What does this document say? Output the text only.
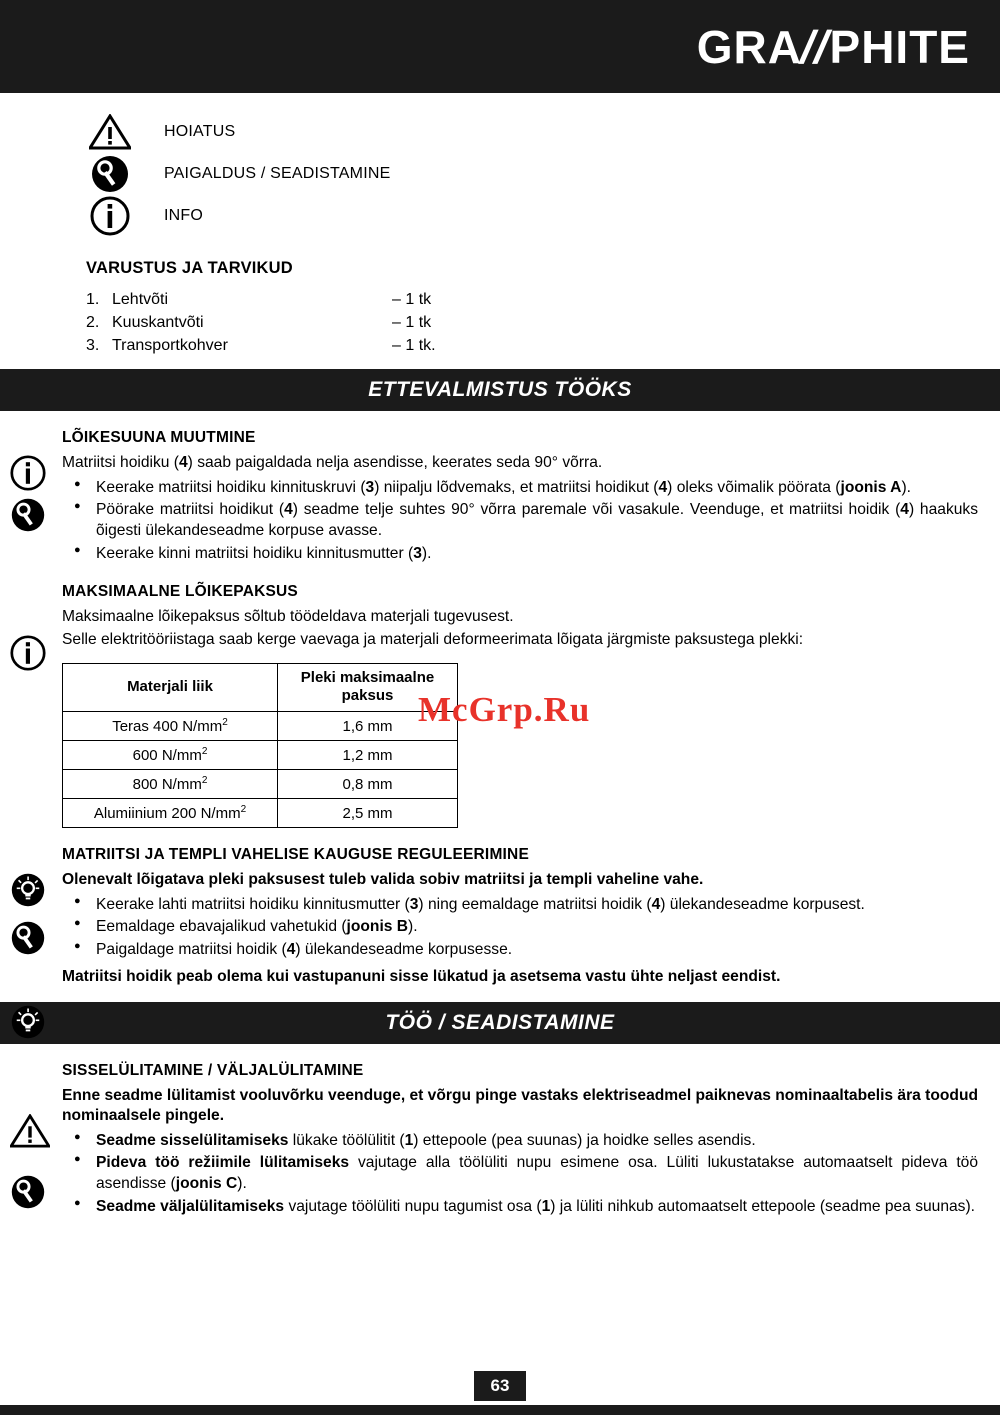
GRA//PHITE
HOIATUS
PAIGALDUS / SEADISTAMINE
INFO
VARUSTUS JA TARVIKUD
1. Lehtvõti	– 1 tk
2. Kuuskantvõti	– 1 tk
3. Transportkohver	– 1 tk.
ETTEVALMISTUS TÖÖKS
LÕIKESUUNA MUUTMINE

Matriitsi hoidiku (4) saab paigaldada nelja asendisse, keerates seda 90° võrra.

● Keerake matriitsi hoidiku kinnituskruvi (3) niipalju lõdvemaks, et matriitsi hoidikut (4) oleks võimalik pöörata (joonis A).
● Pöörake matriitsi hoidikut (4) seadme telje suhtes 90° võrra paremale või vasakule. Veenduge, et matriitsi hoidik (4) haakuks õigesti ülekandeseadme korpuse avasse.
● Keerake kinni matriitsi hoidiku kinnitusmutter (3).
MAKSIMAALNE LÕIKEPAKSUS

Maksimaalne lõikepaksus sõltub töödeldava materjali tugevusest.

Selle elektritööriistaga saab kerge vaevaga ja materjali deformeerimata lõigata järgmiste paksustega plekki:

Materjali liik	Pleki maksimaalne paksus
Teras 400 $N/mm^2$	1,6 mm
600 $N/mm^2$	1,2 mm
800 $N/mm^2$	0,8 mm
Alumiinium 200 $N/mm^2$	2,5 mm
MATRIITSI JA TEMPLI VAHELISE KAUGUSE REGULEERIMINE

Olenevalt lõigatava pleki paksusest tuleb valida sobiv matriitsi ja templi vaheline vahe.

● Keerake lahti matriitsi hoidiku kinnitusmutter (3) ning eemaldage matriitsi hoidik (4) ülekandeseadme korpusest.
● Eemaldage ebavajalikud vahetukid (joonis B).
● Paigaldage matriitsi hoidik (4) ülekandeseadme korpusesse.

Matriitsi hoidik peab olema kui vastupanuni sisse lükatud ja asetsema vastu ühte neljast eendist.

TÖÖ / SEADISTAMINE
SISSELÜLITAMINE / VÄLJALÜLITAMINE

Enne seadme lülitamist vooluvõrku veenduge, et võrgu pinge vastaks elektriseadmel paiknevas nominaaltabelis ära toodud nominaalsele pingele.

● Seadme sisselülitamiseks lükake töölülitit (1) ettepoole (pea suunas) ja hoidke selles asendis.
● Pideva töö režiimile lülitamiseks vajutage alla töölüliti nupu esimene osa. Lüliti lukustatakse automaatselt pideva töö asendisse (joonis C).
● Seadme väljalülitamiseks vajutage töölüliti nupu tagumist osa (1) ja lüliti nihkub automaatselt ettepoole (seadme pea suunas).
McGrp.Ru
63
